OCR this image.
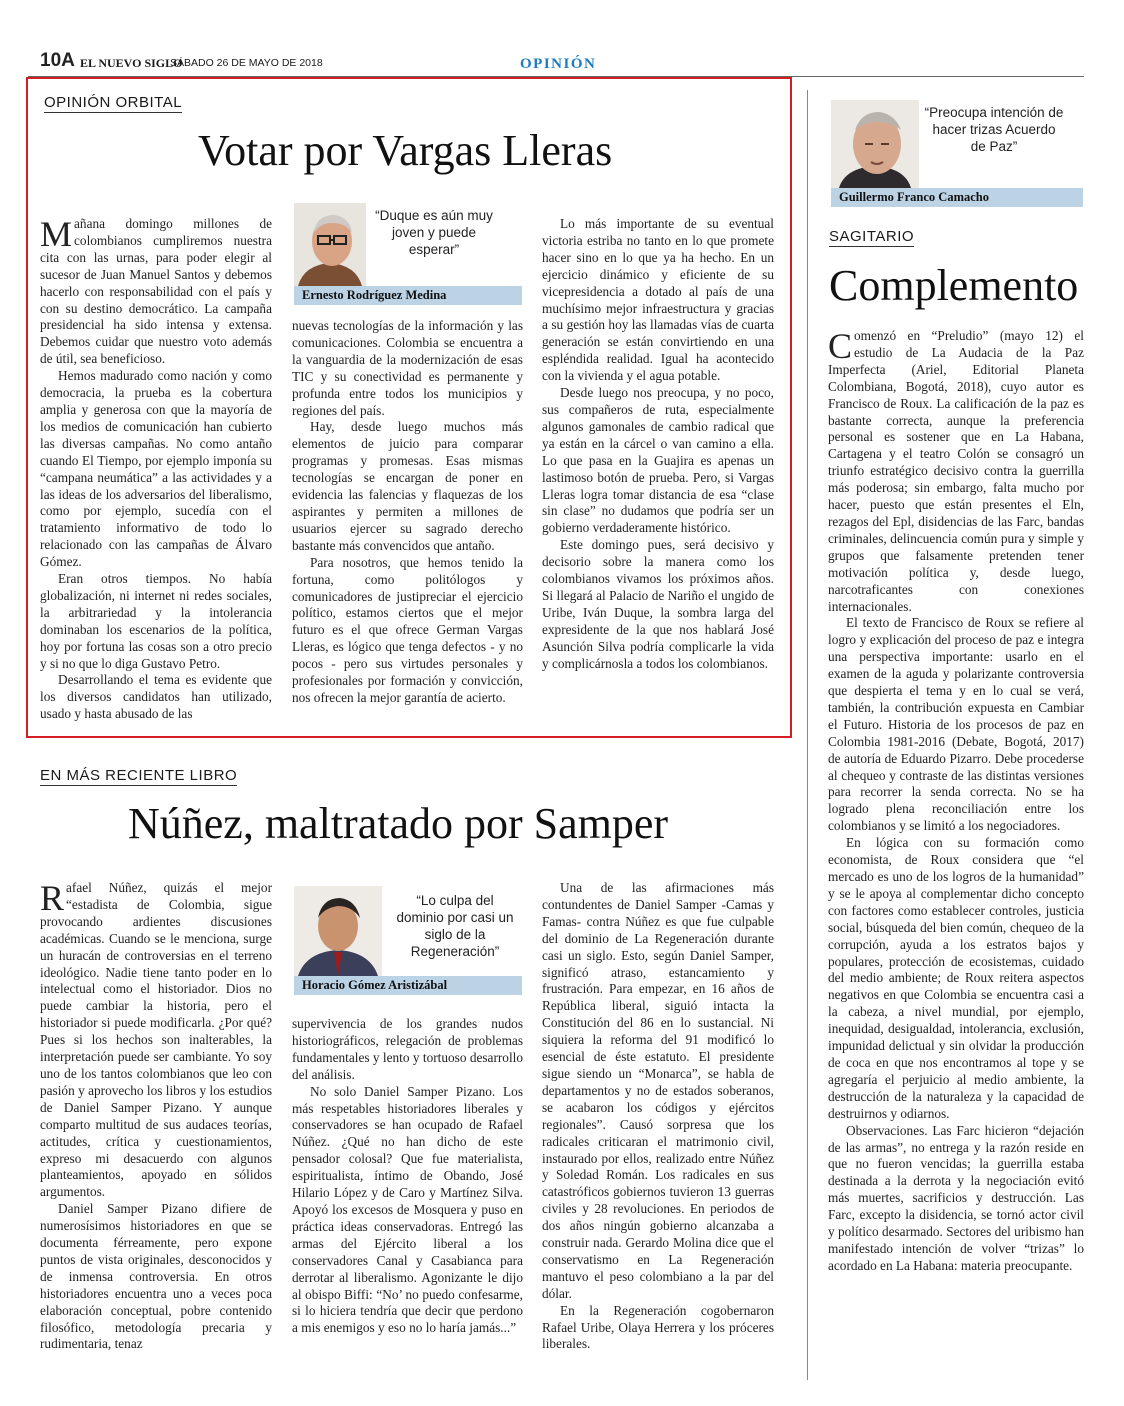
10A EL NUEVO SIGLO
SÁBADO 26 DE MAYO DE 2018	OPINIÓN
OPINIÓN ORBITAL
Votar por Vargas Lleras

Mañana domingo millones de colombianos cumpliremos nuestra cita con las urnas, para poder elegir al sucesor de Juan Manuel Santos y debemos hacerlo con responsabilidad con el país y con su destino democrático. La campaña presidencial ha sido intensa y extensa. Debemos cuidar que nuestro voto además de útil, sea beneficioso.

Hemos madurado como nación y como democracia, la prueba es la cobertura amplia y generosa con que la mayoría de los medios de comunicación han cubierto las diversas campañas. No como antaño cuando El Tiempo, por ejemplo imponía su “campana neumática” a las actividades y a las ideas de los adversarios del liberalismo, como por ejemplo, sucedía con el tratamiento informativo de todo lo relacionado con las campañas de Álvaro Gómez.

Eran otros tiempos. No había globalización, ni internet ni redes sociales, la arbitrariedad y la intolerancia dominaban los escenarios de la política, hoy por fortuna las cosas son a otro precio y si no que lo diga Gustavo Petro.

Desarrollando el tema es evidente que los diversos candidatos han utilizado, usado y hasta abusado de las

“Duque es aún muy joven y puede esperar”
Ernesto Rodríguez Medina

nuevas tecnologías de la información y las comunicaciones. Colombia se encuentra a la vanguardia de la modernización de esas TIC y su conectividad es permanente y profunda entre todos los municipios y regiones del país.

Hay, desde luego muchos más elementos de juicio para comparar programas y promesas. Esas mismas tecnologías se encargan de poner en evidencia las falencias y flaquezas de los aspirantes y permiten a millones de usuarios ejercer su sagrado derecho bastante más convencidos que antaño.

Para nosotros, que hemos tenido la fortuna, como politólogos y comunicadores de justipreciar el ejercicio político, estamos ciertos que el mejor futuro es el que ofrece German Vargas Lleras, es lógico que tenga defectos - y no pocos - pero sus virtudes personales y profesionales por formación y convicción, nos ofrecen la mejor garantía de acierto.

Lo más importante de su eventual victoria estriba no tanto en lo que promete hacer sino en lo que ya ha hecho. En un ejercicio dinámico y eficiente de su vicepresidencia a dotado al país de una muchísimo mejor infraestructura y gracias a su gestión hoy las llamadas vías de cuarta generación se están convirtiendo en una espléndida realidad. Igual ha acontecido con la vivienda y el agua potable.

Desde luego nos preocupa, y no poco, sus compañeros de ruta, especialmente algunos gamonales de cambio radical que ya están en la cárcel o van camino a ella. Lo que pasa en la Guajira es apenas un lastimoso botón de prueba. Pero, si Vargas Lleras logra tomar distancia de esa “clase sin clase” no dudamos que podría ser un gobierno verdaderamente histórico.

Este domingo pues, será decisivo y decisorio sobre la manera como los colombianos vivamos los próximos años. Si llegará al Palacio de Nariño el ungido de Uribe, Iván Duque, la sombra larga del expresidente de la que nos hablará José Asunción Silva podría complicarle la vida y complicárnosla a todos los colombianos.

“Preocupa intención de hacer trizas Acuerdo de Paz”
Guillermo Franco Camacho
SAGITARIO
Complemento

Comenzó en “Preludio” (mayo 12) el estudio de La Audacia de la Paz Imperfecta (Ariel, Editorial Planeta Colombiana, Bogotá, 2018), cuyo autor es Francisco de Roux. La calificación de la paz es bastante correcta, aunque la preferencia personal es sostener que en La Habana, Cartagena y el teatro Colón se consagró un triunfo estratégico decisivo contra la guerrilla más poderosa; sin embargo, falta mucho por hacer, puesto que están presentes el Eln, rezagos del Epl, disidencias de las Farc, bandas criminales, delincuencia común pura y simple y grupos que falsamente pretenden tener motivación política y, desde luego, narcotraficantes con conexiones internacionales.

El texto de Francisco de Roux se refiere al logro y explicación del proceso de paz e integra una perspectiva importante: usarlo en el examen de la aguda y polarizante controversia que despierta el tema y en lo cual se verá, también, la contribución expuesta en Cambiar el Futuro. Historia de los procesos de paz en Colombia 1981-2016 (Debate, Bogotá, 2017) de autoría de Eduardo Pizarro. Debe procederse al chequeo y contraste de las distintas versiones para recorrer la senda correcta. No se ha logrado plena reconciliación entre los colombianos y se limitó a los negociadores.

En lógica con su formación como economista, de Roux considera que “el mercado es uno de los logros de la humanidad” y se le apoya al complementar dicho concepto con factores como establecer controles, justicia social, búsqueda del bien común, chequeo de la corrupción, ayuda a los estratos bajos y populares, protección de ecosistemas, cuidado del medio ambiente; de Roux reitera aspectos negativos en que Colombia se encuentra casi a la cabeza, a nivel mundial, por ejemplo, inequidad, desigualdad, intolerancia, exclusión, impunidad delictual y sin olvidar la producción de coca en que nos encontramos al tope y se agregaría el perjuicio al medio ambiente, la destrucción de la naturaleza y la capacidad de destruirnos y odiarnos.

Observaciones. Las Farc hicieron “dejación de las armas”, no entrega y la razón reside en que no fueron vencidas; la guerrilla estaba destinada a la derrota y la negociación evitó más muertes, sacrificios y destrucción. Las Farc, excepto la disidencia, se tornó actor civil y político desarmado. Sectores del uribismo han manifestado intención de volver “trizas” lo acordado en La Habana: materia preocupante.

EN MÁS RECIENTE LIBRO
Núñez, maltratado por Samper

Rafael Núñez, quizás el mejor “estadista de Colombia, sigue provocando ardientes discusiones académicas. Cuando se le menciona, surge un huracán de controversias en el terreno ideológico. Nadie tiene tanto poder en lo intelectual como el historiador. Dios no puede cambiar la historia, pero el historiador si puede modificarla. ¿Por qué? Pues si los hechos son inalterables, la interpretación puede ser cambiante. Yo soy uno de los tantos colombianos que leo con pasión y aprovecho los libros y los estudios de Daniel Samper Pizano. Y aunque comparto multitud de sus audaces teorías, actitudes, crítica y cuestionamientos, expreso mi desacuerdo con algunos planteamientos, apoyado en sólidos argumentos.

Daniel Samper Pizano difiere de numerosísimos historiadores en que se documenta férreamente, pero expone puntos de vista originales, desconocidos y de inmensa controversia. En otros historiadores encuentra uno a veces poca elaboración conceptual, pobre contenido filosófico, metodología precaria y rudimentaria, tenaz

“Lo culpa del dominio por casi un siglo de la Regeneración”
Horacio Gómez Aristizábal

supervivencia de los grandes nudos historiográficos, relegación de problemas fundamentales y lento y tortuoso desarrollo del análisis.

No solo Daniel Samper Pizano. Los más respetables historiadores liberales y conservadores se han ocupado de Rafael Núñez. ¿Qué no han dicho de este pensador colosal? Que fue materialista, espiritualista, íntimo de Obando, José Hilario López y de Caro y Martínez Silva. Apoyó los excesos de Mosquera y puso en práctica ideas conservadoras. Entregó las armas del Ejército liberal a los conservadores Canal y Casabianca para derrotar al liberalismo. Agonizante le dijo al obispo Biffi: “No’ no puedo confesarme, si lo hiciera tendría que decir que perdono a mis enemigos y eso no lo haría jamás...”

Una de las afirmaciones más contundentes de Daniel Samper -Camas y Famas- contra Núñez es que fue culpable del dominio de La Regeneración durante casi un siglo. Esto, según Daniel Samper, significó atraso, estancamiento y frustración. Para empezar, en 16 años de República liberal, siguió intacta la Constitución del 86 en lo sustancial. Ni siquiera la reforma del 91 modificó lo esencial de éste estatuto. El presidente sigue siendo un “Monarca”, se habla de departamentos y no de estados soberanos, se acabaron los códigos y ejércitos regionales”. Causó sorpresa que los radicales criticaran el matrimonio civil, instaurado por ellos, realizado entre Núñez y Soledad Román. Los radicales en sus catastróficos gobiernos tuvieron 13 guerras civiles y 28 revoluciones. En periodos de dos años ningún gobierno alcanzaba a construir nada. Gerardo Molina dice que el conservatismo en La Regeneración mantuvo el peso colombiano a la par del dólar.

En la Regeneración cogobernaron Rafael Uribe, Olaya Herrera y los próceres liberales.
